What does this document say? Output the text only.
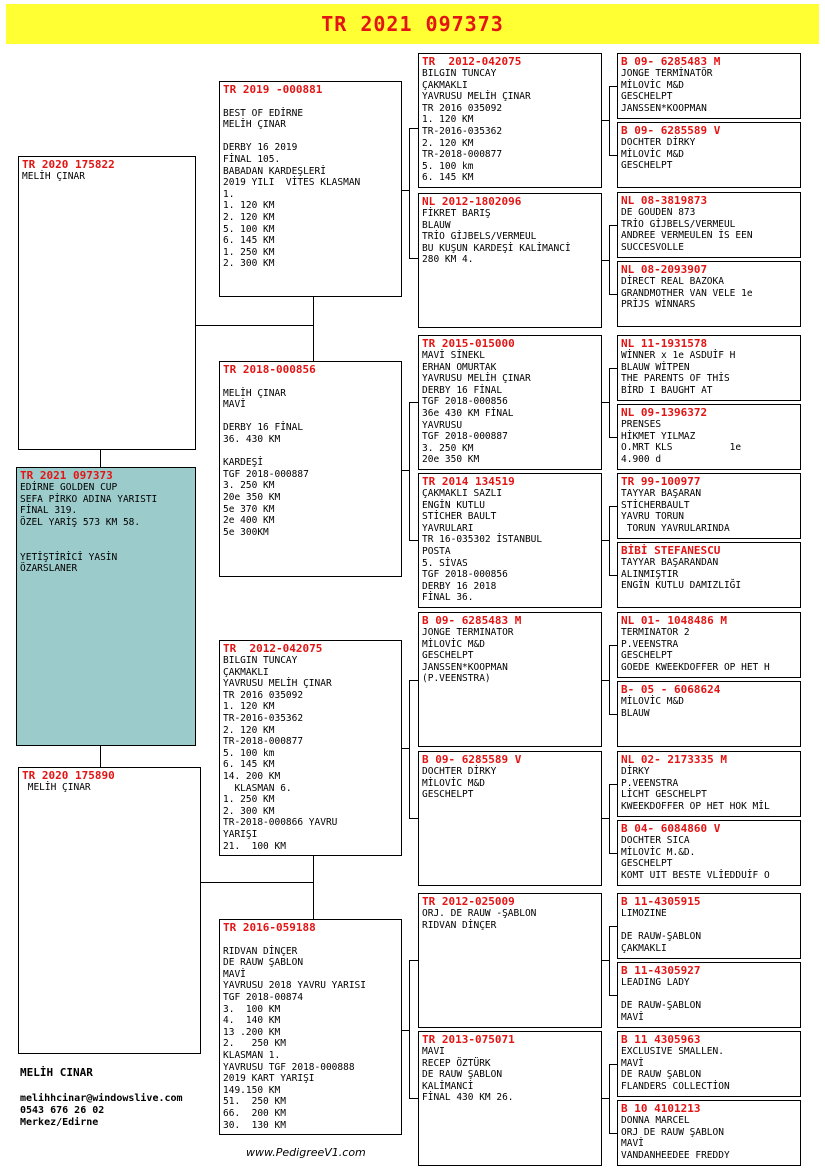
TR 2021 097373
TR 2021 097373
EDİRNE GOLDEN CUP
SEFA PİRKO ADINA YARISTI
FİNAL 319.
ÖZEL YARİŞ 573 KM 58.

YETİŞTİRİCİ YASİN
ÖZARSLANER
TR 2020 175822
MELİH ÇINAR
TR 2020 175890
MELİH ÇINAR
TR 2019 -000881

BEST OF EDİRNE
MELİH ÇINAR

DERBY 16 2019
FİNAL 105.
BABADAN KARDEŞLERİ
2019 YILI  VİTES KLASMAN
1.
1. 120 KM
2. 120 KM
5. 100 KM
6. 145 KM
1. 250 KM
2. 300 KM
TR 2018-000856

MELİH ÇINAR
MAVİ

DERBY 16 FİNAL
36. 430 KM

KARDEŞİ
TGF 2018-000887
3. 250 KM
20e 350 KM
5e 370 KM
2e 400 KM
5e 300KM
TR  2012-042075
BILGIN TUNCAY
ÇAKMAKLI
YAVRUSU MELİH ÇINAR
TR 2016 035092
1. 120 KM
TR-2016-035362
2. 120 KM
TR-2018-000877
5. 100 km
6. 145 KM
14. 200 KM
KLASMAN 6.
1. 250 KM
2. 300 KM
TR-2018-000866 YAVRU
YARIŞI
21.  100 KM
TR 2016-059188

RIDVAN DİNÇER
DE RAUW ŞABLON
MAVİ
YAVRUSU 2018 YAVRU YARISI
TGF 2018-00874
3.  100 KM
4.  140 KM
13 .200 KM
2.   250 KM
KLASMAN 1.
YAVRUSU TGF 2018-000888
2019 KART YARIŞI
149.150 KM
51.  250 KM
66.  200 KM
30.  130 KM
TR  2012-042075
BILGIN TUNCAY
ÇAKMAKLI
YAVRUSU MELİH ÇINAR
TR 2016 035092
1. 120 KM
TR-2016-035362
2. 120 KM
TR-2018-000877
5. 100 km
6. 145 KM
NL 2012-1802096
FİKRET BARIŞ
BLAUW
TRİO GİJBELS/VERMEUL
BU KUŞUN KARDEŞİ KALİMANCİ
280 KM 4.
TR 2015-015000
MAVİ SİNEKL
ERHAN OMURTAK
YAVRUSU MELİH ÇINAR
DERBY 16 FİNAL
TGF 2018-000856
36e 430 KM FİNAL
YAVRUSU
TGF 2018-000887
3. 250 KM
20e 350 KM
TR 2014 134519
ÇAKMAKLI SAZLI
ENGİN KUTLU
STİCHER BAULT
YAVRULARI
TR 16-035302 İSTANBUL
POSTA
5. SİVAS
TGF 2018-000856
DERBY 16 2018
FİNAL 36.
B 09- 6285483 M
JONGE TERMINATOR
MİLOVİC M&D
GESCHELPT
JANSSEN*KOOPMAN
(P.VEENSTRA)
B 09- 6285589 V
DOCHTER DİRKY
MİLOVİC M&D
GESCHELPT
TR 2012-025009
ORJ. DE RAUW -ŞABLON
RIDVAN DİNÇER
TR 2013-075071
MAVI
RECEP ÖZTÜRK
DE RAUW ŞABLON
KALİMANCİ
FİNAL 430 KM 26.
B 09- 6285483 M
JONGE TERMİNATÖR
MİLOVİC M&D
GESCHELPT
JANSSEN*KOOPMAN
B 09- 6285589 V
DOCHTER DİRKY
MİLOVİC M&D
GESCHELPT
NL 08-3819873
DE GOUDEN 873
TRİO GİJBELS/VERMEUL
ANDREE VERMEULEN İS EEN
SUCCESVOLLE
NL 08-2093907
DİRECT REAL BAZOKA
GRANDMOTHER VAN VELE 1e
PRİJS WİNNARS
NL 11-1931578
WİNNER x 1e ASDUİF H
BLAUW WİTPEN
THE PARENTS OF THİS
BİRD I BAUGHT AT
NL 09-1396372
PRENSES
HİKMET YILMAZ
O.MRT KLS          1e
4.900 d
TR 99-100977
TAYYAR BAŞARAN
STİCHERBAULT
YAVRU TORUN
TORUN YAVRULARINDA
BİBİ STEFANESCU
TAYYAR BAŞARANDAN
ALINMIŞTIR
ENGİN KUTLU DAMIZLIĞI
NL 01- 1048486 M
TERMINATOR 2
P.VEENSTRA
GESCHELPT
GOEDE KWEEKDOFFER OP HET H
B- 05 - 6068624
MİLOVİC M&D
BLAUW
NL 02- 2173335 M
DİRKY
P.VEENSTRA
LİCHT GESCHELPT
KWEEKDOFFER OP HET HOK MİL
B 04- 6084860 V
DOCHTER SICA
MİLOVİC M.&D.
GESCHELPT
KOMT UIT BESTE VLİEDDUİF O
B 11-4305915
LIMOZINE

DE RAUW-ŞABLON
ÇAKMAKLI
B 11-4305927
LEADING LADY

DE RAUW-ŞABLON
MAVİ
B 11 4305963
EXCLUSIVE SMALLEN.
MAVİ
DE RAUW ŞABLON
FLANDERS COLLECTİON
B 10 4101213
DONNA MARCEL
ORJ DE RAUW ŞABLON
MAVİ
VANDANHEEDEE FREDDY
MELİH CINAR
melihhcinar@windowslive.com
0543 676 26 02
Merkez/Edirne
www.PedigreeV1.com
